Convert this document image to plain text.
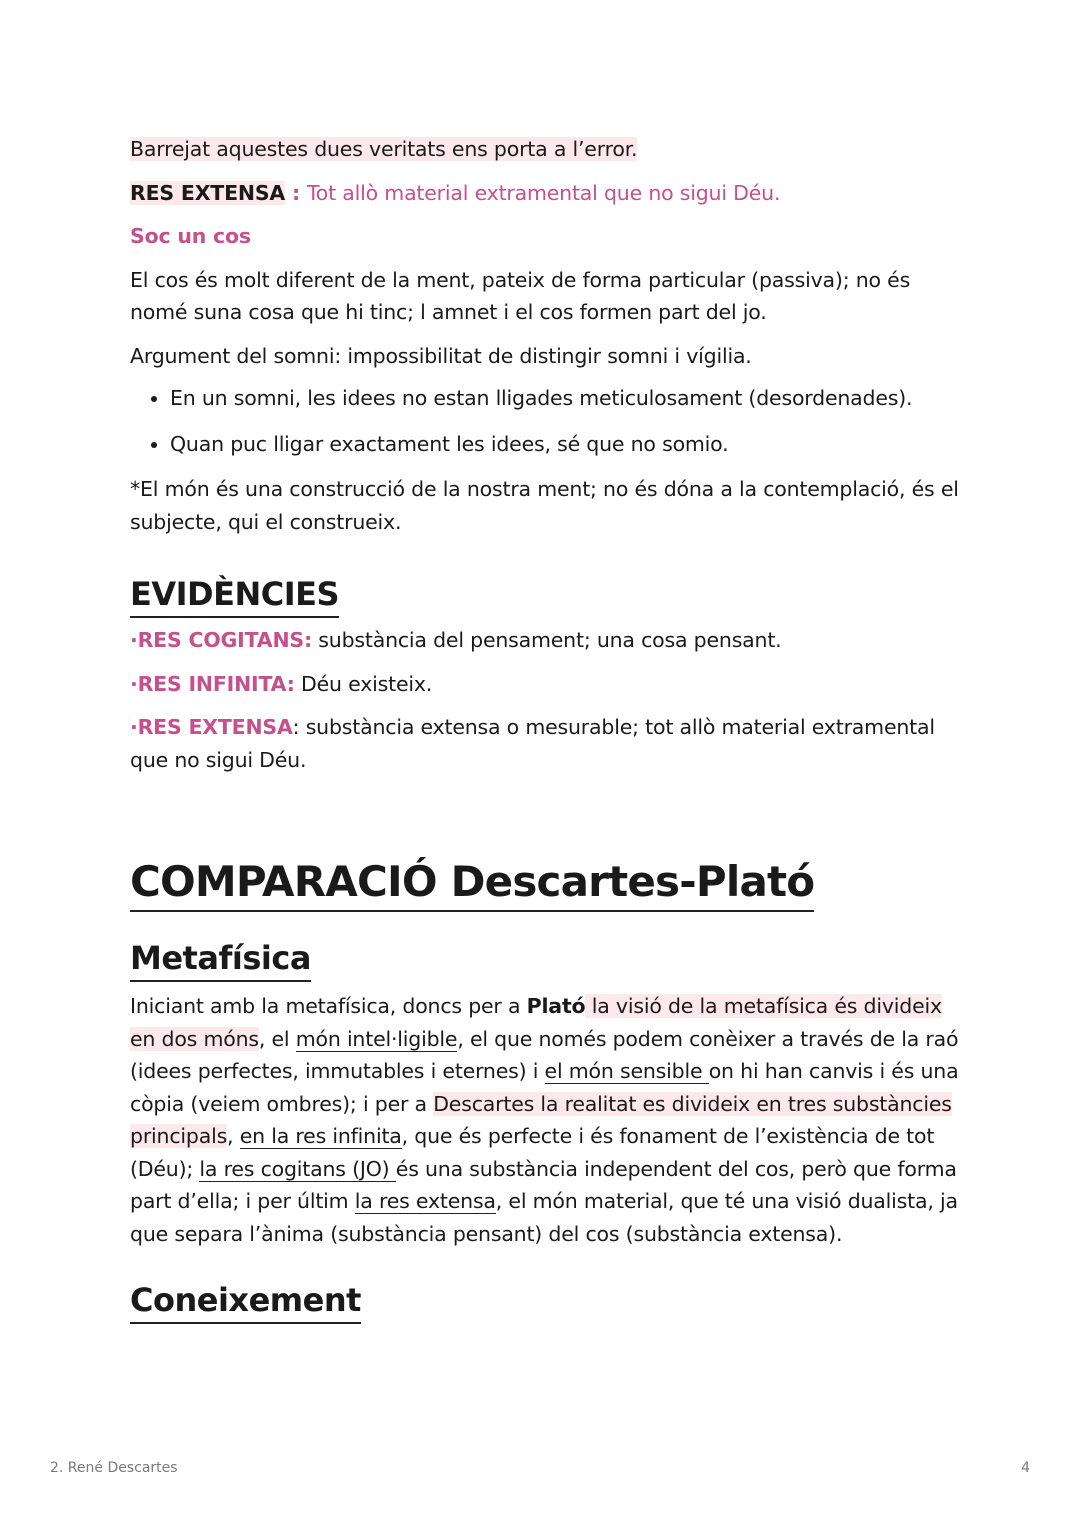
Barrejat aquestes dues veritats ens porta a l’error.

RES EXTENSA : Tot allò material extramental que no sigui Déu.

Soc un cos

El cos és molt diferent de la ment, pateix de forma particular (passiva); no és nomé suna cosa que hi tinc; l amnet i el cos formen part del jo.

Argument del somni: impossibilitat de distingir somni i vígilia.

• En un somni, les idees no estan lligades meticulosament (desordenades).
• Quan puc lligar exactament les idees, sé que no somio.

*El món és una construcció de la nostra ment; no és dóna a la contemplació, és el subjecte, qui el construeix.

EVIDÈNCIES

·RES COGITANS: substància del pensament; una cosa pensant.

·RES INFINITA: Déu existeix.

·RES EXTENSA: substància extensa o mesurable; tot allò material extramental que no sigui Déu.

COMPARACIÓ Descartes-Plató
Metafísica

Iniciant amb la metafísica, doncs per a Plató la visió de la metafísica és divideix en dos móns, el món intel·ligible, el que només podem conèixer a través de la raó (idees perfectes, immutables i eternes) i el món sensible on hi han canvis i és una còpia (veiem ombres); i per a Descartes la realitat es divideix en tres substàncies principals, en la res infinita, que és perfecte i és fonament de l’existència de tot (Déu); la res cogitans (JO) és una substància independent del cos, però que forma part d’ella; i per últim la res extensa, el món material, que té una visió dualista, ja que separa l’ànima (substància pensant) del cos (substància extensa).

Coneixement
2. René Descartes	4
